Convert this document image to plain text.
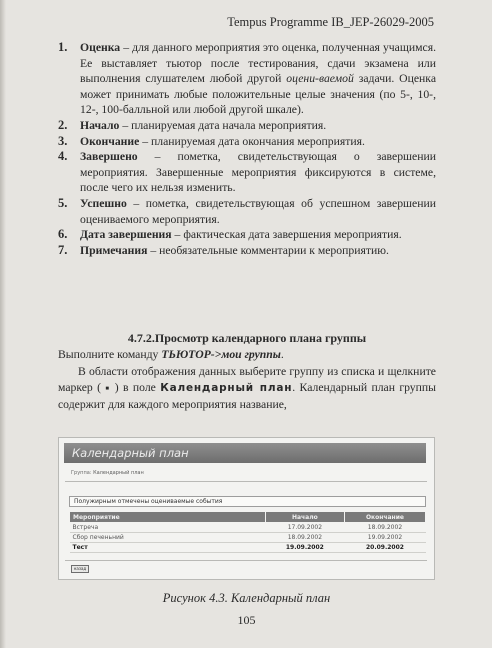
Tempus Programme IB_JEP-26029-2005
1. Оценка – для данного мероприятия это оценка, полученная учащимся. Ее выставляет тьютор после тестирования, сдачи экзамена или выполнения слушателем любой другой оцени-ваемой задачи. Оценка может принимать любые положительные целые значения (по 5-, 10-, 12-, 100-балльной или любой другой шкале).
2. Начало – планируемая дата начала мероприятия.
3. Окончание – планируемая дата окончания мероприятия.
4. Завершено – пометка, свидетельствующая о завершении мероприятия. Завершенные мероприятия фиксируются в системе, после чего их нельзя изменить.
5. Успешно – пометка, свидетельствующая об успешном завершении оцениваемого мероприятия.
6. Дата завершения – фактическая дата завершения мероприятия.
7. Примечания – необязательные комментарии к мероприятию.
4.7.2.Просмотр календарного плана группы

Выполните команду ТЬЮТОР->мои группы.

В области отображения данных выберите группу из списка и щелкните маркер ( ■ ) в поле Календарный план. Календарный план группы содержит для каждого мероприятия название,

Календарный план
Группа: Календарный план
Полужирным отмечены оцениваемые события
Мероприятие	Начало	Окончание
Встреча	17.09.2002	18.09.2002
Сбор печеньний	18.09.2002	19.09.2002
Тест	19.09.2002	20.09.2002
назад
Рисунок 4.3. Календарный план
105
